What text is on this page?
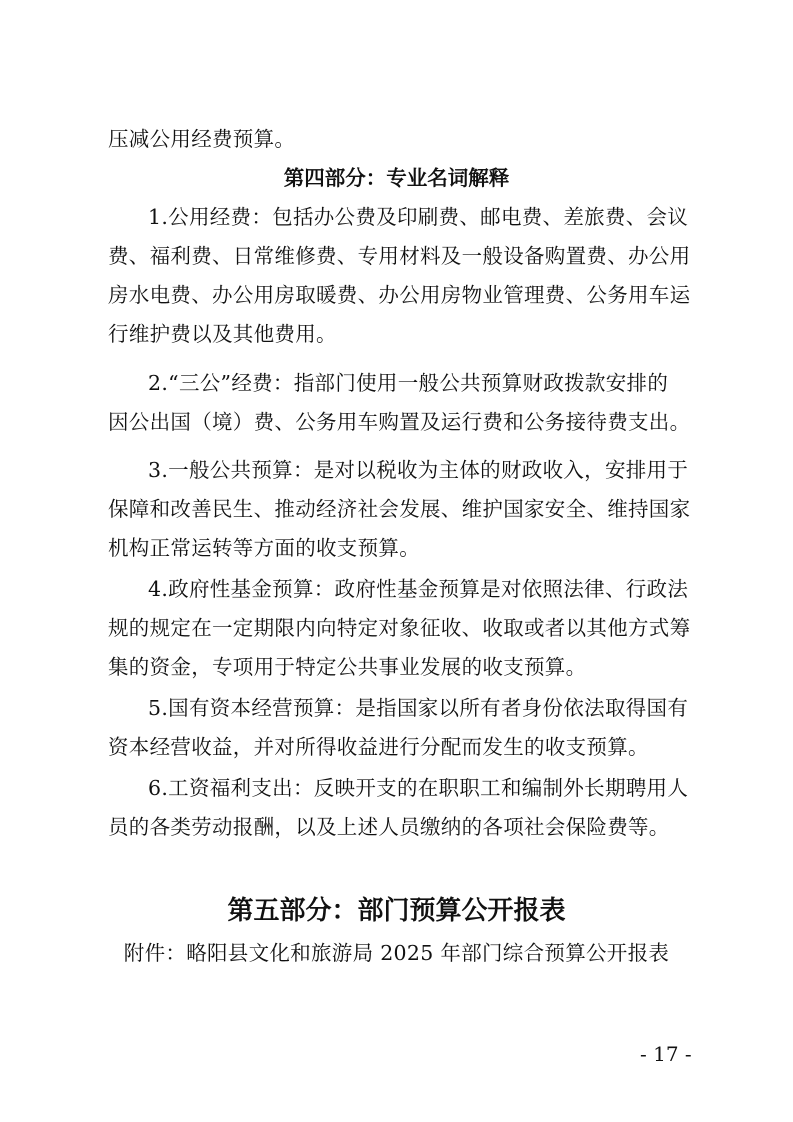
压减公用经费预算。
第四部分：专业名词解释
1.公用经费：包括办公费及印刷费、邮电费、差旅费、会议
费、福利费、日常维修费、专用材料及一般设备购置费、办公用
房水电费、办公用房取暖费、办公用房物业管理费、公务用车运
行维护费以及其他费用。
2.“三公”经费：指部门使用一般公共预算财政拨款安排的
因公出国（境）费、公务用车购置及运行费和公务接待费支出。
3.一般公共预算：是对以税收为主体的财政收入，安排用于
保障和改善民生、推动经济社会发展、维护国家安全、维持国家
机构正常运转等方面的收支预算。
4.政府性基金预算：政府性基金预算是对依照法律、行政法
规的规定在一定期限内向特定对象征收、收取或者以其他方式筹
集的资金，专项用于特定公共事业发展的收支预算。
5.国有资本经营预算：是指国家以所有者身份依法取得国有
资本经营收益，并对所得收益进行分配而发生的收支预算。
6.工资福利支出：反映开支的在职职工和编制外长期聘用人
员的各类劳动报酬，以及上述人员缴纳的各项社会保险费等。
第五部分：部门预算公开报表
附件：略阳县文化和旅游局 2025 年部门综合预算公开报表
- 17 -
